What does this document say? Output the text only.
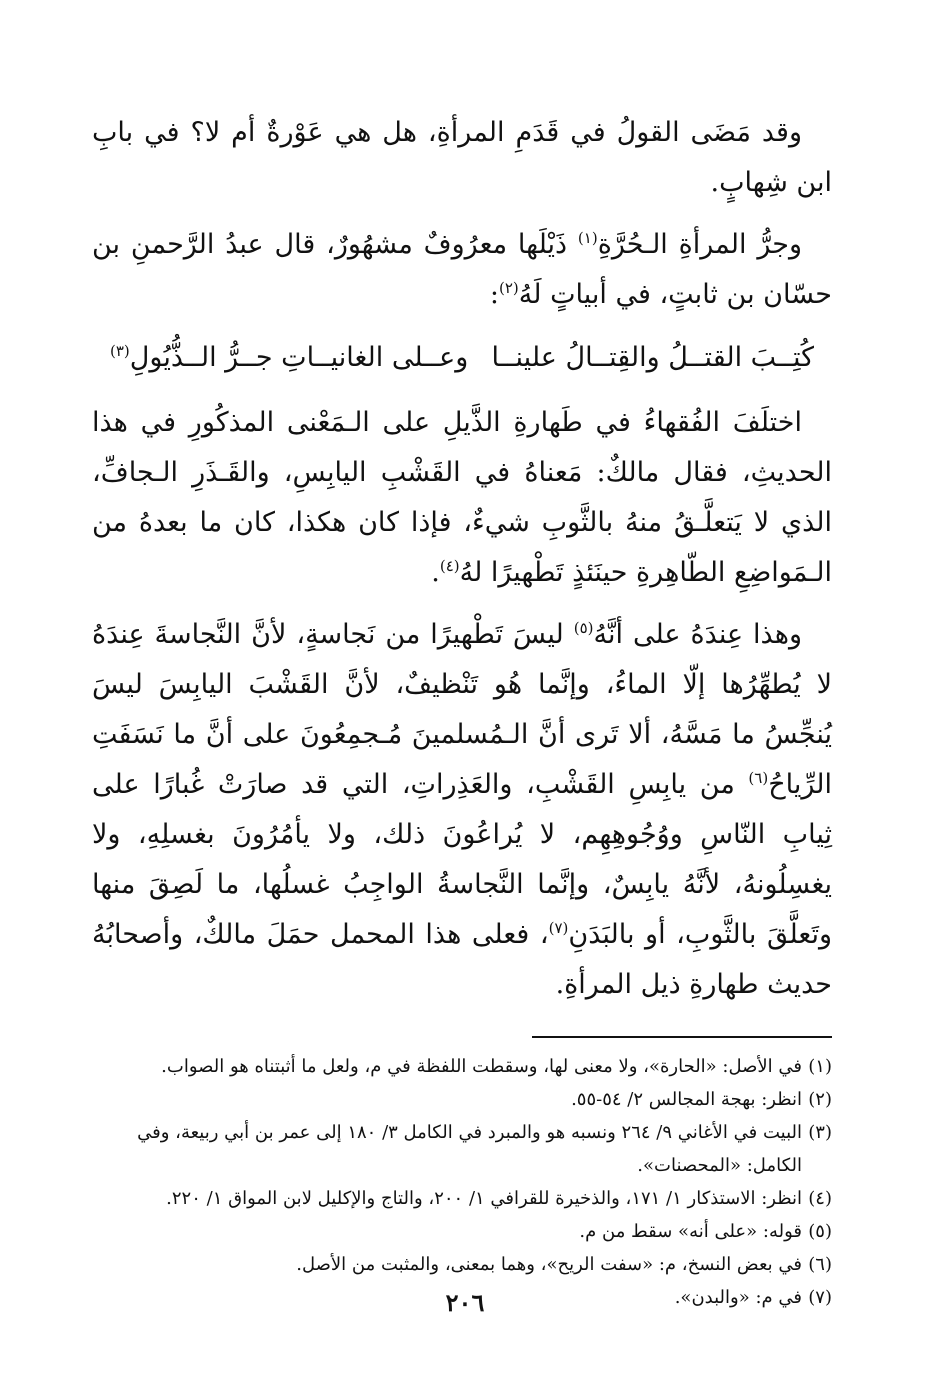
وقد مَضَى القولُ في قَدَمِ المرأةِ، هل هي عَوْرةٌ أم لا؟ في بابِ ابن شِهابٍ.

وجرُّ المرأةِ الـحُرَّةِ$^{(١)}$ ذَيْلَها معرُوفٌ مشهُورٌ، قال عبدُ الرَّحمنِ بن حسّان بن ثابتٍ، في أبياتٍ لَهُ$^{(٢)}$:

كُتِــبَ القتــلُ والقِتــالُ علينــا
وعــلى الغانيــاتِ جــرُّ الــذُّيُولِ$^{(٣)}$

اختلَفَ الفُقهاءُ في طَهارةِ الذَّيلِ على الـمَعْنى المذكُورِ في هذا الحديثِ، فقال مالكٌ: مَعناهُ في القَشْبِ اليابِسِ، والقَـذَرِ الـجافِّ، الذي لا يَتعلَّـقُ منهُ بالثَّوبِ شيءٌ، فإذا كان هكذا، كان ما بعدهُ من الـمَواضِعِ الطّاهِرةِ حينَئذٍ تَطْهيرًا لهُ$^{(٤)}$.

وهذا عِندَهُ على أنَّهُ$^{(٥)}$ ليسَ تَطْهيرًا من نَجاسةٍ، لأنَّ النَّجاسةَ عِندَهُ لا يُطهِّرُها إلّا الماءُ، وإنَّما هُو تَنْظيفٌ، لأنَّ القَشْبَ اليابِسَ ليسَ يُنجِّسُ ما مَسَّهُ، ألا تَرى أنَّ الـمُسلمينَ مُـجمِعُونَ على أنَّ ما نَسَفَتِ الرِّياحُ$^{(٦)}$ من يابِسِ القَشْبِ، والعَذِراتِ، التي قد صارَتْ غُبارًا على ثِيابِ النّاسِ ووُجُوهِهِم، لا يُراعُونَ ذلك، ولا يأمُرُونَ بغسلِهِ، ولا يغسِلُونهُ، لأنَّهُ يابِسٌ، وإنَّما النَّجاسةُ الواجِبُ غسلُها، ما لَصِقَ منها وتَعلَّقَ بالثَّوبِ، أو بالبَدَنِ$^{(٧)}$، فعلى هذا المحمل حمَلَ مالكٌ، وأصحابُهُ حديث طهارةِ ذيل المرأةِ.

(١)في الأصل: «الحارة»، ولا معنى لها، وسقطت اللفظة في م، ولعل ما أثبتناه هو الصواب.

(٢)انظر: بهجة المجالس ٢/ ٥٤-٥٥.

(٣)البيت في الأغاني ٩/ ٢٦٤ ونسبه هو والمبرد في الكامل ٣/ ١٨٠ إلى عمر بن أبي ربيعة، وفي الكامل: «المحصنات».

(٤)انظر: الاستذكار ١/ ١٧١، والذخيرة للقرافي ١/ ٢٠٠، والتاج والإكليل لابن المواق ١/ ٢٢٠.

(٥)قوله: «على أنه» سقط من م.

(٦)في بعض النسخ، م: «سفت الريح»، وهما بمعنى، والمثبت من الأصل.

(٧)في م: «والبدن».

٢٠٦
